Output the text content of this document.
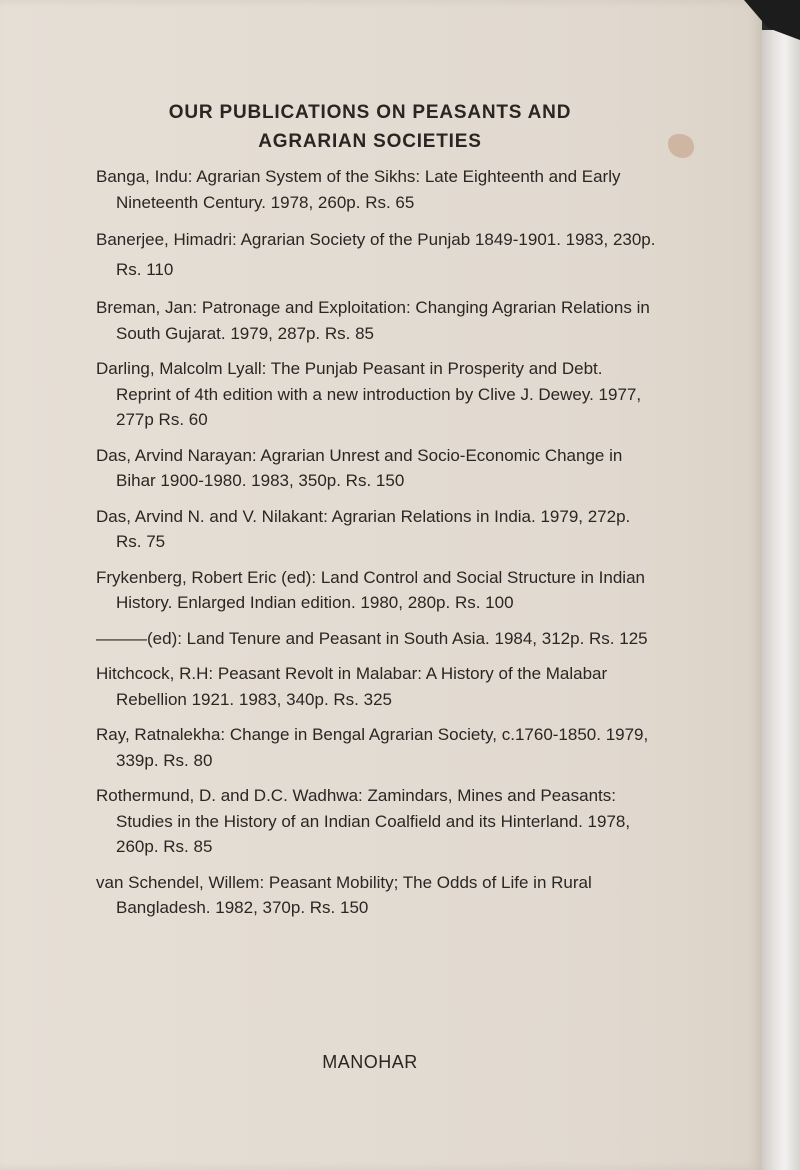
OUR PUBLICATIONS ON PEASANTS AND
AGRARIAN SOCIETIES
Banga, Indu: Agrarian System of the Sikhs: Late Eighteenth and Early Nineteenth Century. 1978, 260p. Rs. 65
Banerjee, Himadri: Agrarian Society of the Punjab 1849-1901. 1983, 230p. Rs. 110
Breman, Jan: Patronage and Exploitation: Changing Agrarian Relations in South Gujarat. 1979, 287p. Rs. 85
Darling, Malcolm Lyall: The Punjab Peasant in Prosperity and Debt. Reprint of 4th edition with a new introduction by Clive J. Dewey. 1977, 277p Rs. 60
Das, Arvind Narayan: Agrarian Unrest and Socio-Economic Change in Bihar 1900-1980. 1983, 350p. Rs. 150
Das, Arvind N. and V. Nilakant: Agrarian Relations in India. 1979, 272p. Rs. 75
Frykenberg, Robert Eric (ed): Land Control and Social Structure in Indian History. Enlarged Indian edition. 1980, 280p. Rs. 100
———(ed): Land Tenure and Peasant in South Asia. 1984, 312p. Rs. 125
Hitchcock, R.H: Peasant Revolt in Malabar: A History of the Malabar Rebellion 1921. 1983, 340p. Rs. 325
Ray, Ratnalekha: Change in Bengal Agrarian Society, c.1760-1850. 1979, 339p. Rs. 80
Rothermund, D. and D.C. Wadhwa: Zamindars, Mines and Peasants: Studies in the History of an Indian Coalfield and its Hinterland. 1978, 260p. Rs. 85
van Schendel, Willem: Peasant Mobility; The Odds of Life in Rural Bangladesh. 1982, 370p. Rs. 150
MANOHAR
